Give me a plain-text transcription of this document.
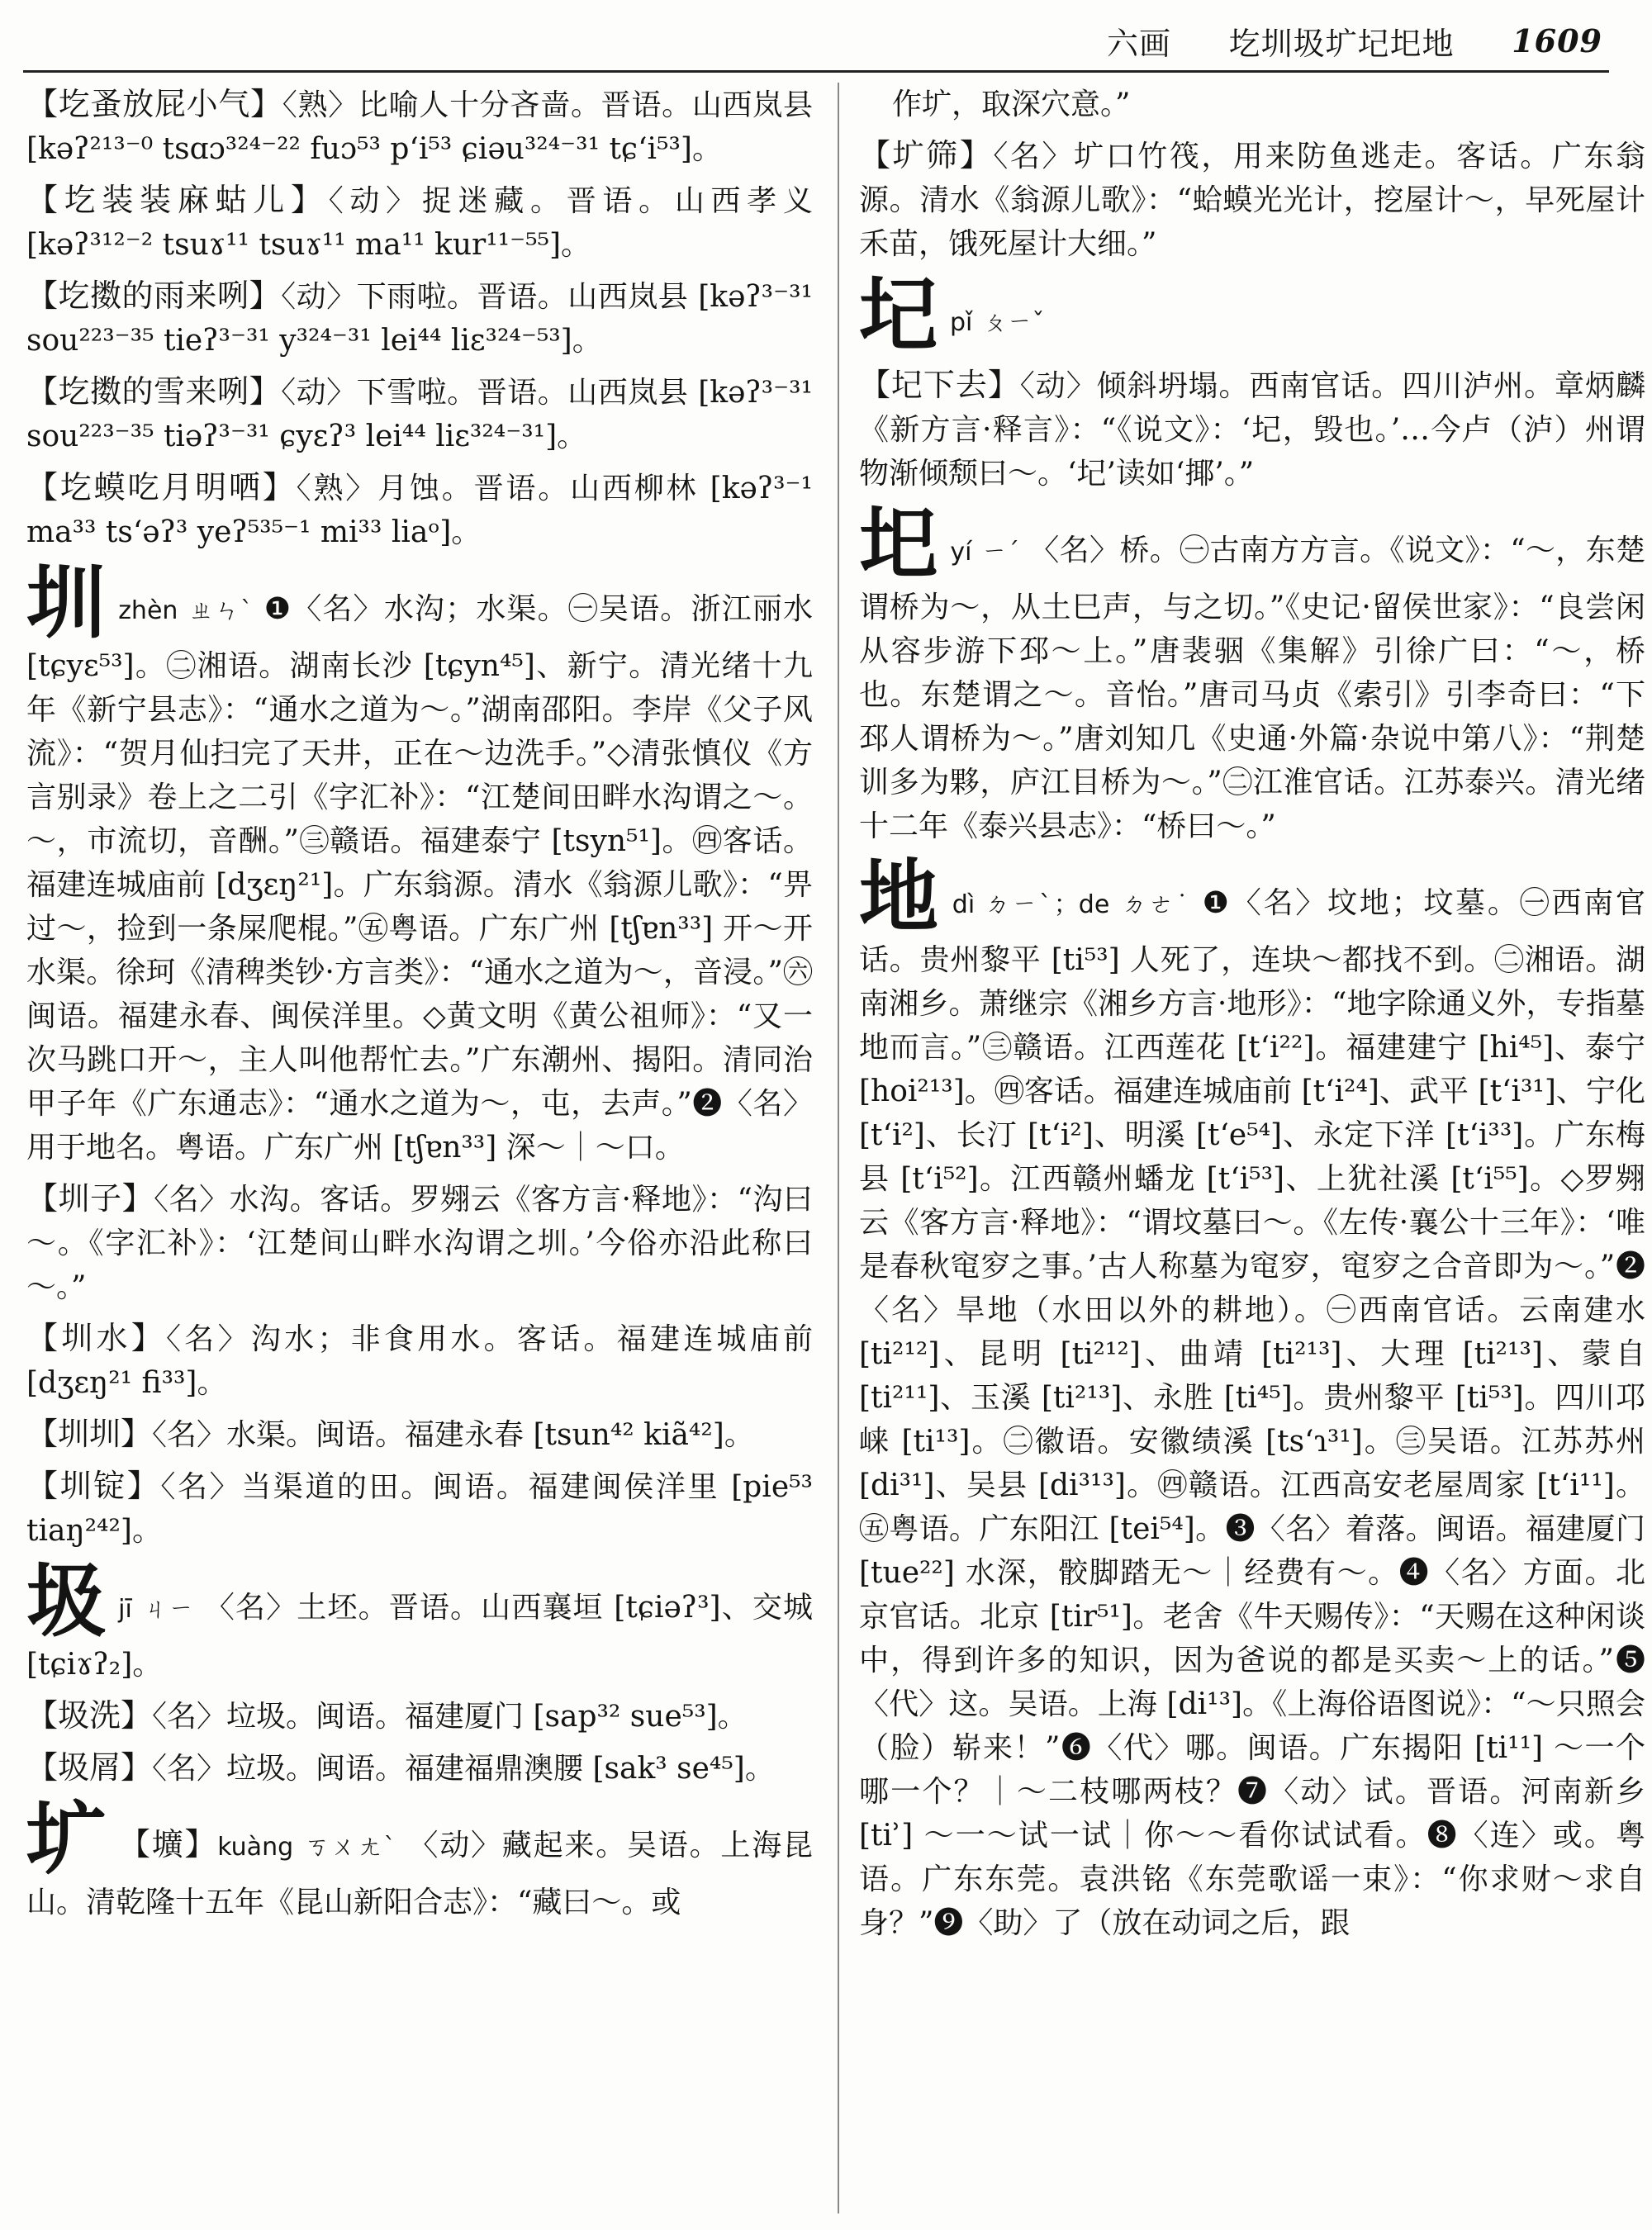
六画 圪圳圾圹圮圯地 1609
【圪蚤放屁小气】〈熟〉比喻人十分吝啬。晋语。山西岚县 [kəʔ²¹³⁻⁰ tsɑɔ³²⁴⁻²² fuɔ⁵³ pʻi⁵³ ɕiəu³²⁴⁻³¹ tɕʻi⁵³]。
【圪装装麻蛄儿】〈动〉捉迷藏。晋语。山西孝义 [kəʔ³¹²⁻² tsuɤ¹¹ tsuɤ¹¹ ma¹¹ kur¹¹⁻⁵⁵]。
【圪擞的雨来咧】〈动〉下雨啦。晋语。山西岚县 [kəʔ³⁻³¹ sou²²³⁻³⁵ tieʔ³⁻³¹ y³²⁴⁻³¹ lei⁴⁴ liɛ³²⁴⁻⁵³]。
【圪擞的雪来咧】〈动〉下雪啦。晋语。山西岚县 [kəʔ³⁻³¹ sou²²³⁻³⁵ tiəʔ³⁻³¹ ɕyɛʔ³ lei⁴⁴ liɛ³²⁴⁻³¹]。
【圪蟆吃月明哂】〈熟〉月蚀。晋语。山西柳林 [kəʔ³⁻¹ ma³³ tsʻəʔ³ yeʔ⁵³⁵⁻¹ mi³³ liaᵒ]。
圳zhèn ㄓㄣˋ ❶〈名〉水沟；水渠。㊀吴语。浙江丽水 [tɕyɛ⁵³]。㊁湘语。湖南长沙 [tɕyn⁴⁵]、新宁。清光绪十九年《新宁县志》：“通水之道为～。”湖南邵阳。李岸《父子风流》：“贺月仙扫完了天井，正在～边洗手。”◇清张慎仪《方言别录》卷上之二引《字汇补》：“江楚间田畔水沟谓之～。～，市流切，音酬。”㊂赣语。福建泰宁 [tsyn⁵¹]。㊃客话。福建连城庙前 [dʒɛŋ²¹]。广东翁源。清水《翁源儿歌》：“畀过～，捡到一条屎爬棍。”㊄粤语。广东广州 [tʃɐn³³] 开～开水渠。徐珂《清稗类钞·方言类》：“通水之道为～，音浸。”㊅闽语。福建永春、闽侯洋里。◇黄文明《黄公祖师》：“又一次马跳口开～，主人叫他帮忙去。”广东潮州、揭阳。清同治甲子年《广东通志》：“通水之道为～，屯，去声。”❷〈名〉用于地名。粤语。广东广州 [tʃɐn³³] 深～｜～口。
【圳子】〈名〉水沟。客话。罗翙云《客方言·释地》：“沟曰～。《字汇补》：‘江楚间山畔水沟谓之圳。’今俗亦沿此称曰～。”
【圳水】〈名〉沟水；非食用水。客话。福建连城庙前 [dʒɛŋ²¹ fi³³]。
【圳圳】〈名〉水渠。闽语。福建永春 [tsun⁴² kiã⁴²]。
【圳锭】〈名〉当渠道的田。闽语。福建闽侯洋里 [pie⁵³ tiaŋ²⁴²]。
圾jī ㄐㄧ 〈名〉土坯。晋语。山西襄垣 [tɕiəʔ³]、交城 [tɕiɤʔ₂]。
【圾洗】〈名〉垃圾。闽语。福建厦门 [sap³² sue⁵³]。
【圾屑】〈名〉垃圾。闽语。福建福鼎澳腰 [sak³ se⁴⁵]。
圹 【壙】kuàng ㄎㄨㄤˋ 〈动〉藏起来。吴语。上海昆山。清乾隆十五年《昆山新阳合志》：“藏曰～。或
作圹，取深穴意。”
【圹筛】〈名〉圹口竹筏，用来防鱼逃走。客话。广东翁源。清水《翁源儿歌》：“蛤蟆光光计，挖屋计～，早死屋计禾苗，饿死屋计大细。”
圮pǐ ㄆㄧˇ
【圮下去】〈动〉倾斜坍塌。西南官话。四川泸州。章炳麟《新方言·释言》：“《说文》：‘圮，毁也。’…今卢（泸）州谓物渐倾颓曰～。‘圮’读如‘揶’。”
圯yí ㄧˊ 〈名〉桥。㊀古南方方言。《说文》：“～，东楚谓桥为～，从土巳声，与之切。”《史记·留侯世家》：“良尝闲从容步游下邳～上。”唐裴骃《集解》引徐广曰：“～，桥也。东楚谓之～。音怡。”唐司马贞《索引》引李奇曰：“下邳人谓桥为～。”唐刘知几《史通·外篇·杂说中第八》：“荆楚训多为夥，庐江目桥为～。”㊁江淮官话。江苏泰兴。清光绪十二年《泰兴县志》：“桥曰～。”
地dì ㄉㄧˋ；de ㄉㄜ˙ ❶〈名〉坟地；坟墓。㊀西南官话。贵州黎平 [ti⁵³] 人死了，连块～都找不到。㊁湘语。湖南湘乡。萧继宗《湘乡方言·地形》：“地字除通义外，专指墓地而言。”㊂赣语。江西莲花 [tʻi²²]。福建建宁 [hi⁴⁵]、泰宁 [hoi²¹³]。㊃客话。福建连城庙前 [tʻi²⁴]、武平 [tʻi³¹]、宁化 [tʻi²]、长汀 [tʻi²]、明溪 [tʻe⁵⁴]、永定下洋 [tʻi³³]。广东梅县 [tʻi⁵²]。江西赣州蟠龙 [tʻi⁵³]、上犹社溪 [tʻi⁵⁵]。◇罗翙云《客方言·释地》：“谓坟墓曰～。《左传·襄公十三年》：‘唯是春秋窀穸之事。’古人称墓为窀穸，窀穸之合音即为～。”❷〈名〉旱地（水田以外的耕地）。㊀西南官话。云南建水 [ti²¹²]、昆明 [ti²¹²]、曲靖 [ti²¹³]、大理 [ti²¹³]、蒙自 [ti²¹¹]、玉溪 [ti²¹³]、永胜 [ti⁴⁵]。贵州黎平 [ti⁵³]。四川邛崃 [ti¹³]。㊁徽语。安徽绩溪 [tsʻɿ³¹]。㊂吴语。江苏苏州 [di³¹]、吴县 [di³¹³]。㊃赣语。江西高安老屋周家 [tʻi¹¹]。㊄粤语。广东阳江 [tei⁵⁴]。❸〈名〉着落。闽语。福建厦门 [tue²²] 水深，骹脚踏无～｜经费有～。❹〈名〉方面。北京官话。北京 [tir⁵¹]。老舍《牛天赐传》：“天赐在这种闲谈中，得到许多的知识，因为爸说的都是买卖～上的话。”❺〈代〉这。吴语。上海 [di¹³]。《上海俗语图说》：“～只照会（脸）崭来！”❻〈代〉哪。闽语。广东揭阳 [ti¹¹] ～一个哪一个？｜～二枝哪两枝？❼〈动〉试。晋语。河南新乡 [tiʾ] ～一～试一试｜你～～看你试试看。❽〈连〉或。粤语。广东东莞。袁洪铭《东莞歌谣一束》：“你求财～求自身？”❾〈助〉了（放在动词之后，跟
